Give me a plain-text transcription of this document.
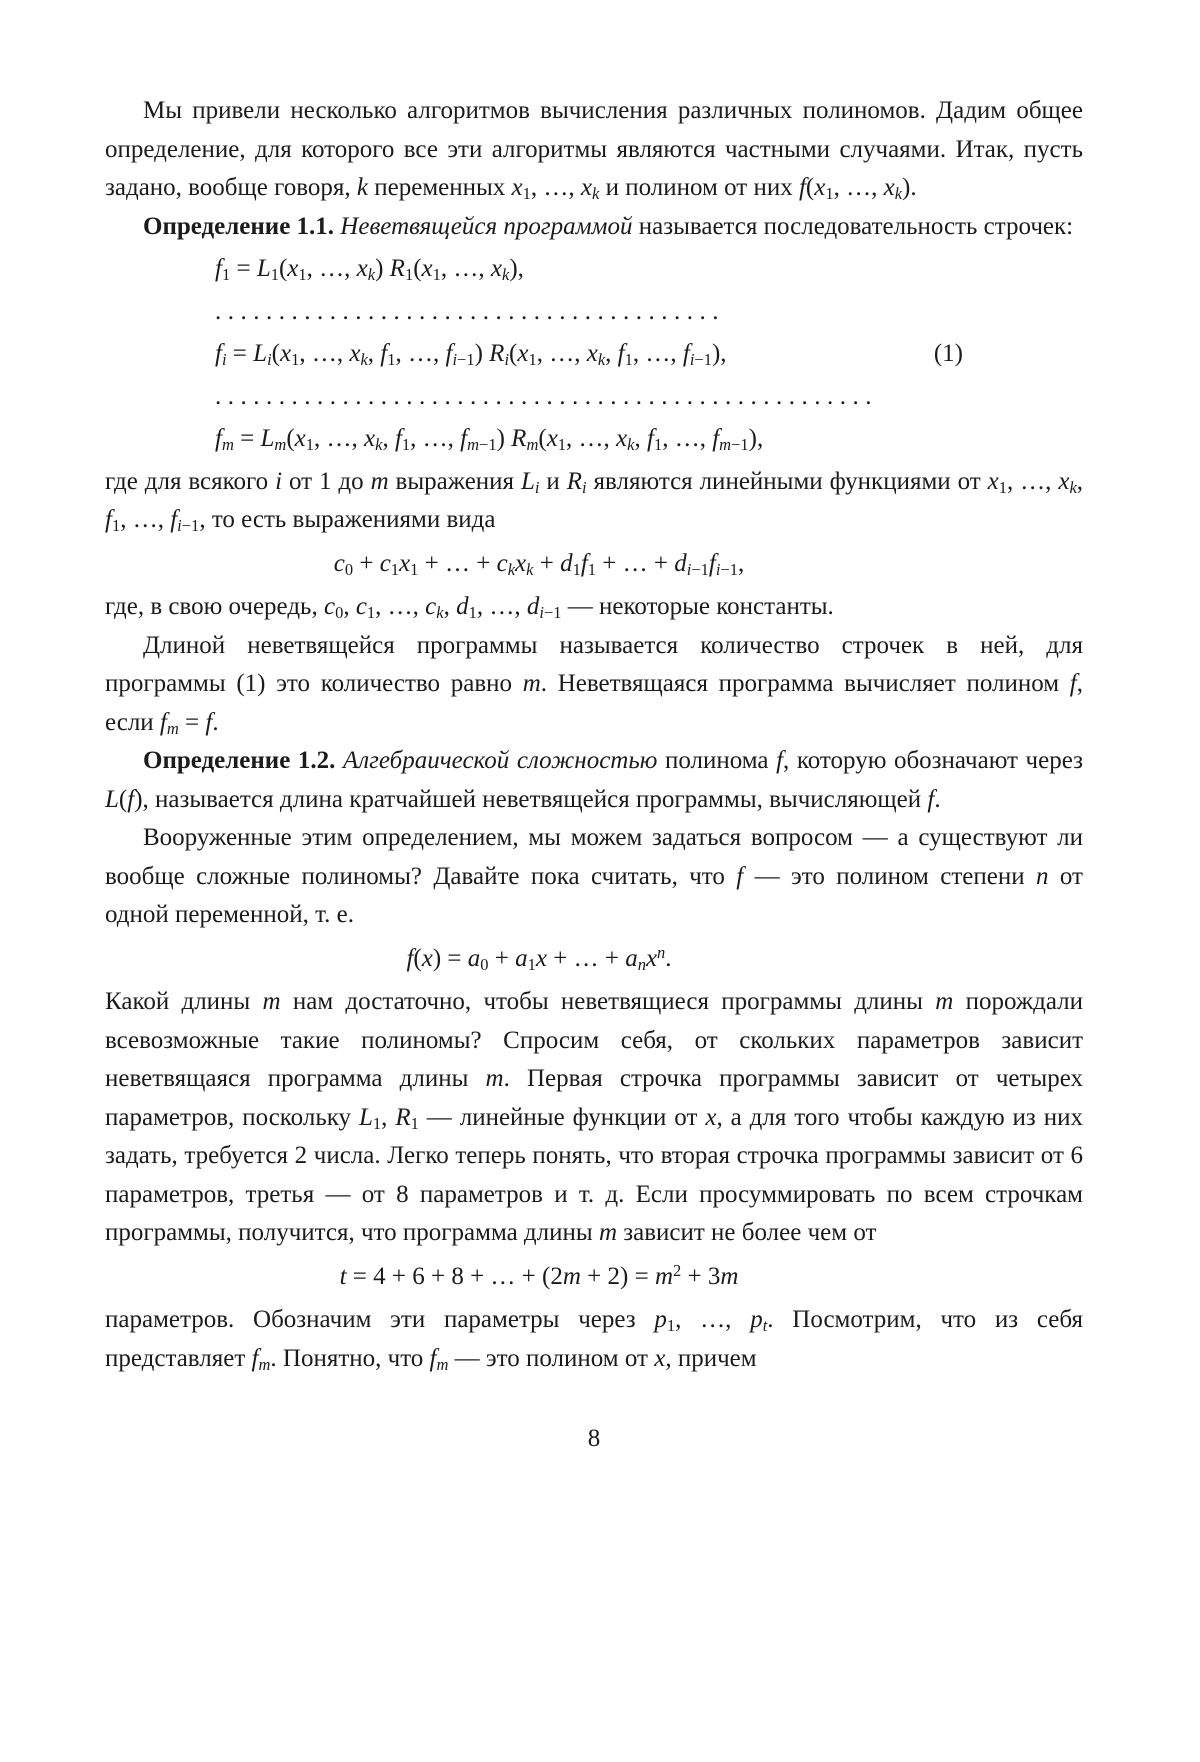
Мы привели несколько алгоритмов вычисления различных полиномов. Дадим общее определение, для которого все эти алгоритмы являются частными случаями. Итак, пусть задано, вообще говоря, k переменных $x_1$, …, $x_k$ и полином от них $f(x_1$, …, $x_k$).
Определение 1.1. Неветвящейся программой называется последовательность строчек:
$f_1 = L_1(x_1$, …, $x_k$) $R_1(x_1$, …, $x_k$),
........................................
$f_i = L_i(x_1$, …, $x_k$, $f_1$, …, $f_{i-1}$) $R_i(x_1$, …, $x_k$, $f_1$, …, $f_{i-1}$),	(1)
....................................................
$f_m = L_m(x_1$, …, $x_k$, $f_1$, …, $f_{m-1}$) $R_m(x_1$, …, $x_k$, $f_1$, …, $f_{m-1}$),
где для всякого i от 1 до m выражения $L_i$ и $R_i$ являются линейными функциями от $x_1$, …, $x_k$, $f_1$, …, $f_{i-1}$, то есть выражениями вида
$c_0 + c_1x_1$ + … + $c_kx_k + d_1f_1$ + … + $d_{i-1}f_{i-1}$,
где, в свою очередь, $c_0$, $c_1$, …, $c_k$, $d_1$, …, $d_{i-1}$ — некоторые константы.
Длиной неветвящейся программы называется количество строчек в ней, для программы (1) это количество равно m. Неветвящаяся программа вычисляет полином f, если $f_m = f$.
Определение 1.2. Алгебраической сложностью полинома f, которую обозначают через L(f), называется длина кратчайшей неветвящейся программы, вычисляющей f.
Вооруженные этим определением, мы можем задаться вопросом — а существуют ли вообще сложные полиномы? Давайте пока считать, что f — это полином степени n от одной переменной, т. е.
$f(x) = a_0 + a_1x$ + … + $a_nx^n$.
Какой длины m нам достаточно, чтобы неветвящиеся программы длины m порождали всевозможные такие полиномы? Спросим себя, от скольких параметров зависит неветвящаяся программа длины m. Первая строчка программы зависит от четырех параметров, поскольку $L_1$, $R_1$ — линейные функции от x, а для того чтобы каждую из них задать, требуется 2 числа. Легко теперь понять, что вторая строчка программы зависит от 6 параметров, третья — от 8 параметров и т. д. Если просуммировать по всем строчкам программы, получится, что программа длины m зависит не более чем от
t = 4 + 6 + 8 + … + $(2m + 2) = m^2 + 3m$
параметров. Обозначим эти параметры через $p_1$, …, $p_t$. Посмотрим, что из себя представляет $f_m$. Понятно, что $f_m$ — это полином от x, причем
8
